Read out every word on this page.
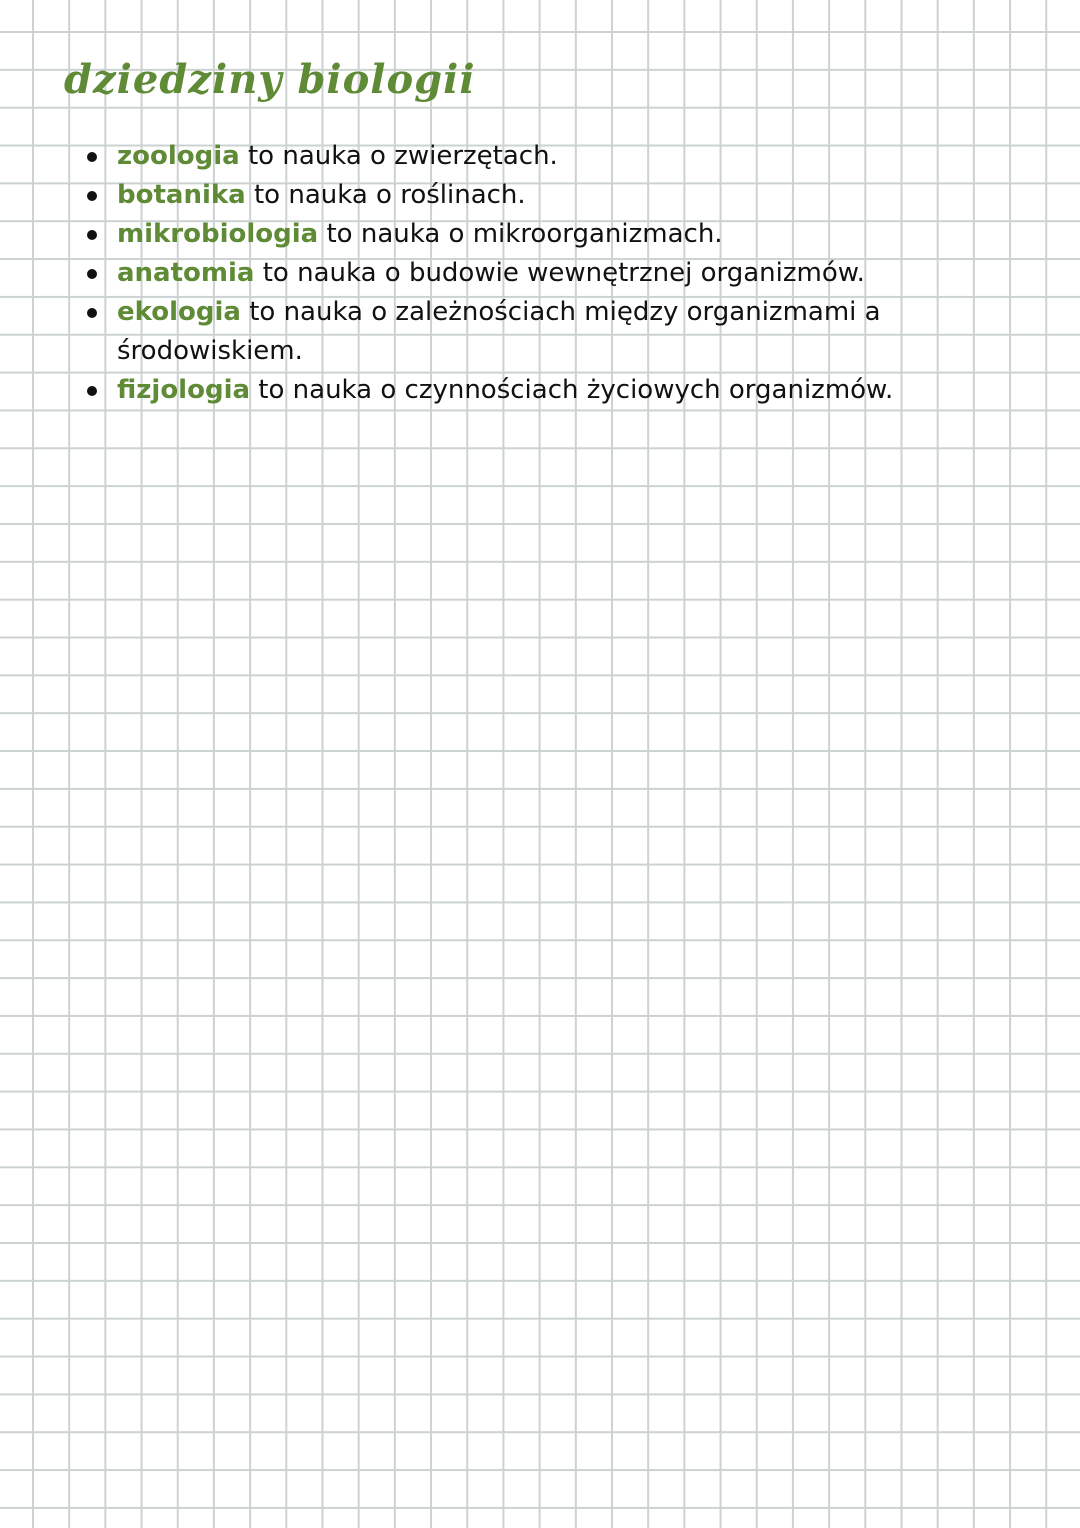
dziedziny biologii
zoologia to nauka o zwierzętach.
botanika to nauka o roślinach.
mikrobiologia to nauka o mikroorganizmach.
anatomia to nauka o budowie wewnętrznej organizmów.
ekologia to nauka o zależnościach między organizmami a środowiskiem.
fizjologia to nauka o czynnościach życiowych organizmów.
